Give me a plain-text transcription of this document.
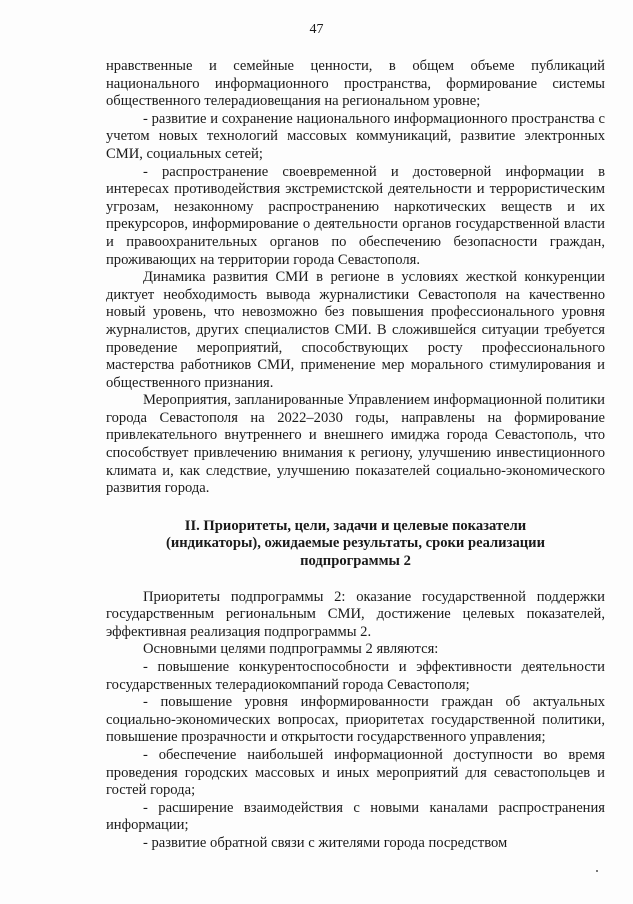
47

нравственные и семейные ценности, в общем объеме публикаций национального информационного пространства, формирование системы общественного телерадиовещания на региональном уровне;

- развитие и сохранение национального информационного пространства с учетом новых технологий массовых коммуникаций, развитие электронных СМИ, социальных сетей;

- распространение своевременной и достоверной информации в интересах противодействия экстремистской деятельности и террористическим угрозам, незаконному распространению наркотических веществ и их прекурсоров, информирование о деятельности органов государственной власти и правоохранительных органов по обеспечению безопасности граждан, проживающих на территории города Севастополя.

Динамика развития СМИ в регионе в условиях жесткой конкуренции диктует необходимость вывода журналистики Севастополя на качественно новый уровень, что невозможно без повышения профессионального уровня журналистов, других специалистов СМИ. В сложившейся ситуации требуется проведение мероприятий, способствующих росту профессионального мастерства работников СМИ, применение мер морального стимулирования и общественного признания.

Мероприятия, запланированные Управлением информационной политики города Севастополя на 2022–2030 годы, направлены на формирование привлекательного внутреннего и внешнего имиджа города Севастополь, что способствует привлечению внимания к региону, улучшению инвестиционного климата и, как следствие, улучшению показателей социально-экономического развития города.

II. Приоритеты, цели, задачи и целевые показатели
(индикаторы), ожидаемые результаты, сроки реализации
подпрограммы 2

Приоритеты подпрограммы 2: оказание государственной поддержки государственным региональным СМИ, достижение целевых показателей, эффективная реализация подпрограммы 2.

Основными целями подпрограммы 2 являются:

- повышение конкурентоспособности и эффективности деятельности государственных телерадиокомпаний города Севастополя;

- повышение уровня информированности граждан об актуальных социально-экономических вопросах, приоритетах государственной политики, повышение прозрачности и открытости государственного управления;

- обеспечение наибольшей информационной доступности во время проведения городских массовых и иных мероприятий для севастопольцев и гостей города;

- расширение взаимодействия с новыми каналами распространения информации;

- развитие обратной связи с жителями города посредством
